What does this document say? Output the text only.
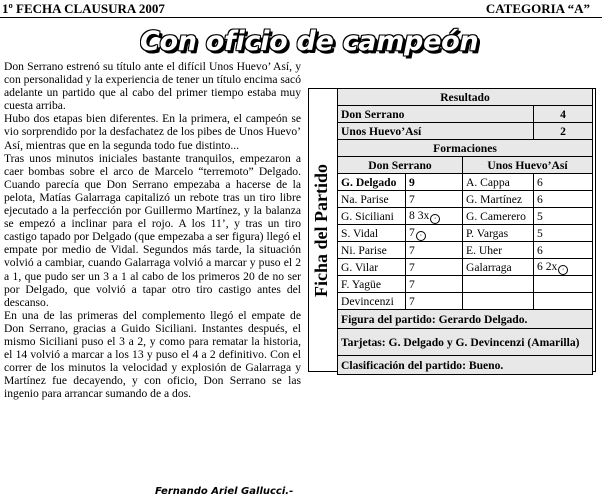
1º FECHA CLAUSURA 2007	CATEGORIA “A”
Con oficio de campeón

Don Serrano estrenó su título ante el difícil Unos Huevo’ Así, y con personalidad y la experiencia de tener un título encima sacó adelante un partido que al cabo del primer tiempo estaba muy cuesta arriba.

Hubo dos etapas bien diferentes. En la primera, el campeón se vio sorprendido por la desfachatez de los pibes de Unos Huevo’ Así, mientras que en la segunda todo fue distinto...

Tras unos minutos iniciales bastante tranquilos, empezaron a caer bombas sobre el arco de Marcelo “terremoto” Delgado. Cuando parecía que Don Serrano empezaba a hacerse de la pelota, Matías Galarraga capitalizó un rebote tras un tiro libre ejecutado a la perfección por Guillermo Martínez, y la balanza se empezó a inclinar para el rojo. A los 11’, y tras un tiro castigo tapado por Delgado (que empezaba a ser figura) llegó el empate por medio de Vidal. Segundos más tarde, la situación volvió a cambiar, cuando Galarraga volvió a marcar y puso el 2 a 1, que pudo ser un 3 a 1 al cabo de los primeros 20 de no ser por Delgado, que volvió a tapar otro tiro castigo antes del descanso.

En una de las primeras del complemento llegó el empate de Don Serrano, gracias a Guido Siciliani. Instantes después, el mismo Siciliani puso el 3 a 2, y como para rematar la historia, el 14 volvió a marcar a los 13 y puso el 4 a 2 definitivo. Con el correr de los minutos la velocidad y explosión de Galarraga y Martínez fue decayendo, y con oficio, Don Serrano se las ingenio para arrancar sumando de a dos.

Fernando Ariel Gallucci.-
Ficha del Partido
Resultado			
Don Serrano			4
Unos Huevo’Así			2
Formaciones			
Don Serrano		Unos Huevo’Así	
G. Delgado	9	A. Cappa	6
Na. Parise	7	G. Martínez	6
G. Siciliani	8 3x ◦	G. Camerero	5
S. Vidal	7 ◦	P. Vargas	5
Ni. Parise	7	E. Uher	6
G. Vilar	7	Galarraga	6 2x ◦
F. Yagüe	7		
Devincenzi	7		
Figura del partido: Gerardo Delgado.			
Tarjetas: G. Delgado y G. Devincenzi (Amarilla)			
Clasificación del partido: Bueno.			
